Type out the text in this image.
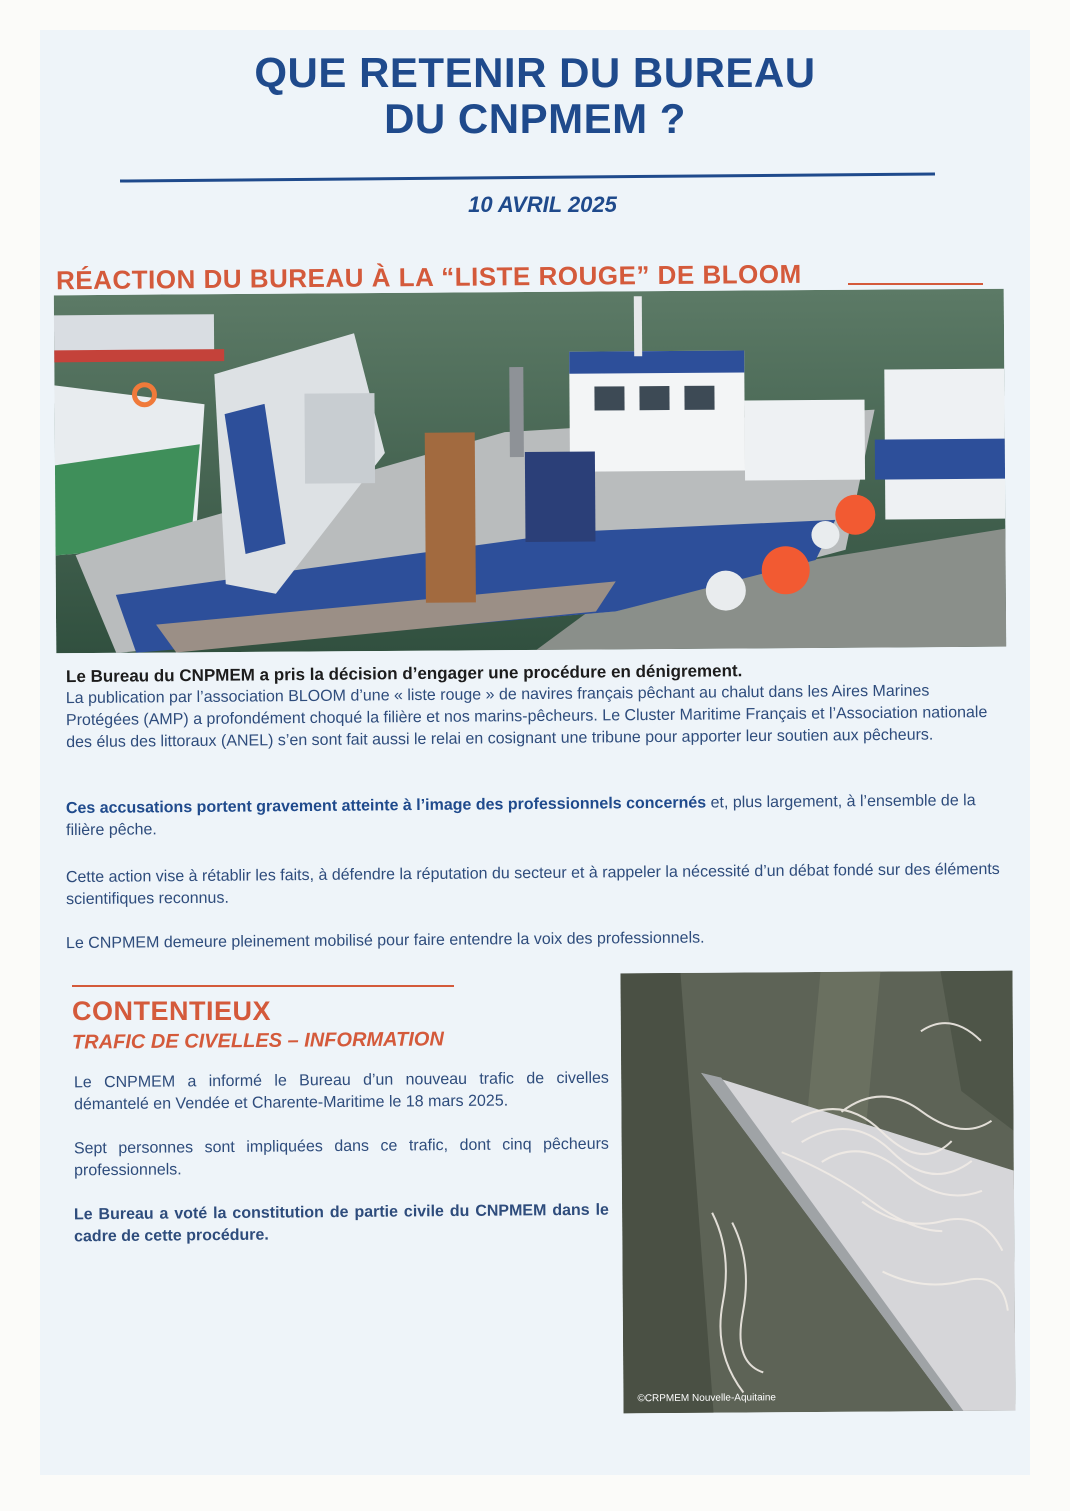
QUE RETENIR DU BUREAU
DU CNPMEM ?
10 AVRIL 2025
RÉACTION DU BUREAU À LA “LISTE ROUGE” DE BLOOM
Le Bureau du CNPMEM a pris la décision d’engager une procédure en dénigrement.
La publication par l’association BLOOM d’une « liste rouge » de navires français pêchant au chalut dans les Aires Marines Protégées (AMP) a profondément choqué la filière et nos marins-pêcheurs. Le Cluster Maritime Français et l’Association nationale des élus des littoraux (ANEL) s’en sont fait aussi le relai en cosignant une tribune pour apporter leur soutien aux pêcheurs.
Ces accusations portent gravement atteinte à l’image des professionnels concernés et, plus largement, à l’ensemble de la filière pêche.
Cette action vise à rétablir les faits, à défendre la réputation du secteur et à rappeler la nécessité d’un débat fondé sur des éléments scientifiques reconnus.
Le CNPMEM demeure pleinement mobilisé pour faire entendre la voix des professionnels.
CONTENTIEUX
TRAFIC DE CIVELLES – INFORMATION
Le CNPMEM a informé le Bureau d’un nouveau trafic de civelles démantelé en Vendée et Charente-Maritime le 18 mars 2025.
Sept personnes sont impliquées dans ce trafic, dont cinq pêcheurs professionnels.
Le Bureau a voté la constitution de partie civile du CNPMEM dans le cadre de cette procédure.
©CRPMEM Nouvelle-Aquitaine
